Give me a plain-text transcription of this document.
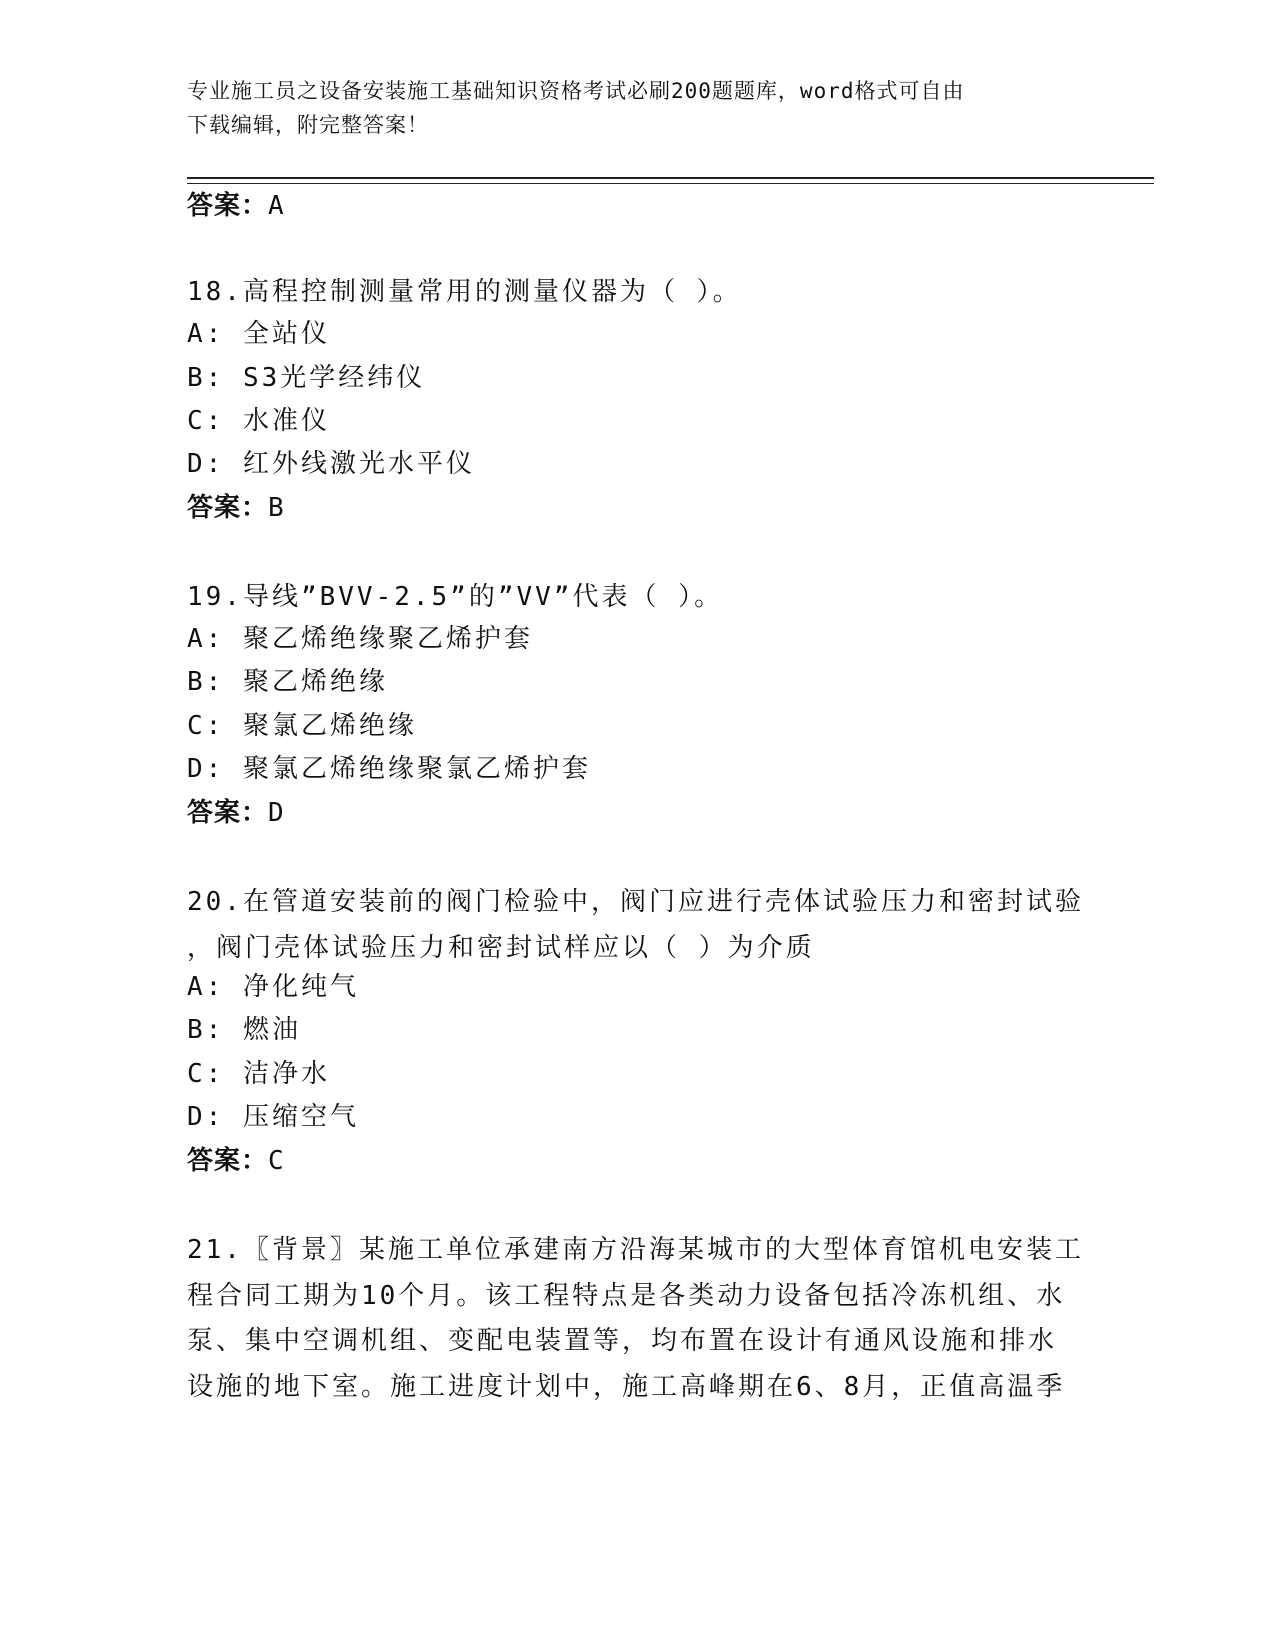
专业施工员之设备安装施工基础知识资格考试必刷200题题库，word格式可自由
下载编辑，附完整答案！
答案：A
18.高程控制测量常用的测量仪器为（ ）。
A: 全站仪
B: S3光学经纬仪
C: 水准仪
D: 红外线激光水平仪
答案：B
19.导线”BVV-2.5”的”VV”代表（ ）。
A: 聚乙烯绝缘聚乙烯护套
B: 聚乙烯绝缘
C: 聚氯乙烯绝缘
D: 聚氯乙烯绝缘聚氯乙烯护套
答案：D
20.在管道安装前的阀门检验中，阀门应进行壳体试验压力和密封试验
，阀门壳体试验压力和密封试样应以（ ）为介质
A: 净化纯气
B: 燃油
C: 洁净水
D: 压缩空气
答案：C
21.〖背景〗某施工单位承建南方沿海某城市的大型体育馆机电安装工
程合同工期为10个月。该工程特点是各类动力设备包括冷冻机组、水
泵、集中空调机组、变配电装置等，均布置在设计有通风设施和排水
设施的地下室。施工进度计划中，施工高峰期在6、8月，正值高温季
